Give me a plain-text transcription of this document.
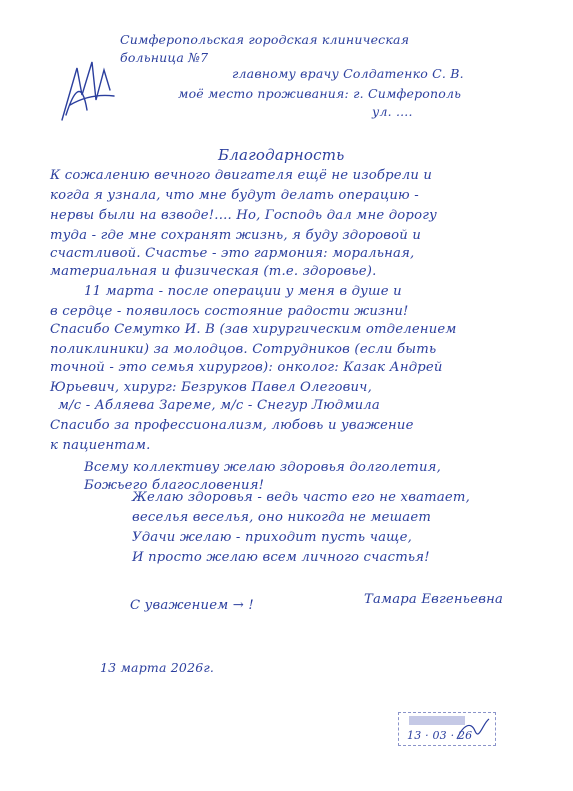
Симферопольская городская клиническая
больница №7
главному врачу Солдатенко С. В.
моё место проживания: г. Симферополь
ул. ....
Благодарность
К сожалению вечного двигателя ещё не изобрели и
когда я узнала, что мне будут делать операцию -
нервы были на взводе!.... Но, Господь дал мне дорогу
туда - где мне сохранят жизнь, я буду здоровой и
счастливой. Счастье - это гармония: моральная,
материальная и физическая (т.е. здоровье).
11 марта - после операции у меня в душе и
в сердце - появилось состояние радости жизни!
Спасибо Семутко И. В (зав хирургическим отделением
поликлиники) за молодцов. Сотрудников (если быть
точной - это семья хирургов): онколог: Казак Андрей
Юрьевич, хирург: Безруков Павел Олегович,
м/с - Абляева Зареме, м/с - Снегур Людмила
Спасибо за профессионализм, любовь и уважение
к пациентам.
Всему коллективу желаю здоровья долголетия,
Божьего благословения!
Желаю здоровья - ведь часто его не хватает,
веселья веселья, оно никогда не мешает
Удачи желаю - приходит пусть чаще,
И просто желаю всем личного счастья!
С уважением → !	Тамара Евгеньевна
13 марта 2026г.
13 · 03 · 26
